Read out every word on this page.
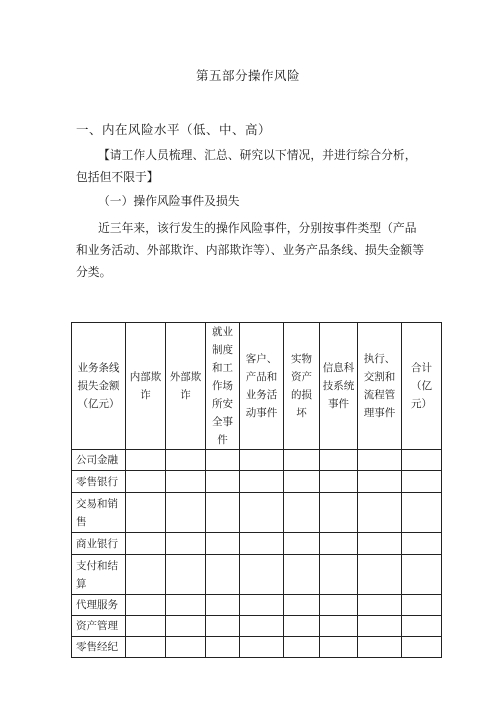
第五部分操作风险
一、内在风险水平（低、中、高）
【请工作人员梳理、汇总、研究以下情况，并进行综合分析，包括但不限于】
（一）操作风险事件及损失
近三年来，该行发生的操作风险事件，分别按事件类型（产品和业务活动、外部欺诈、内部欺诈等）、业务产品条线、损失金额等分类。
业务条线损失金额（亿元）	内部欺诈	外部欺诈	就业制度和工作场所安全事件	客户、产品和业务活动事件	实物资产的损坏	信息科技系统事件	执行、交割和流程管理事件	合计（亿元）
公司金融								
零售银行								
交易和销售								
商业银行								
支付和结算								
代理服务								
资产管理								
零售经纪								
